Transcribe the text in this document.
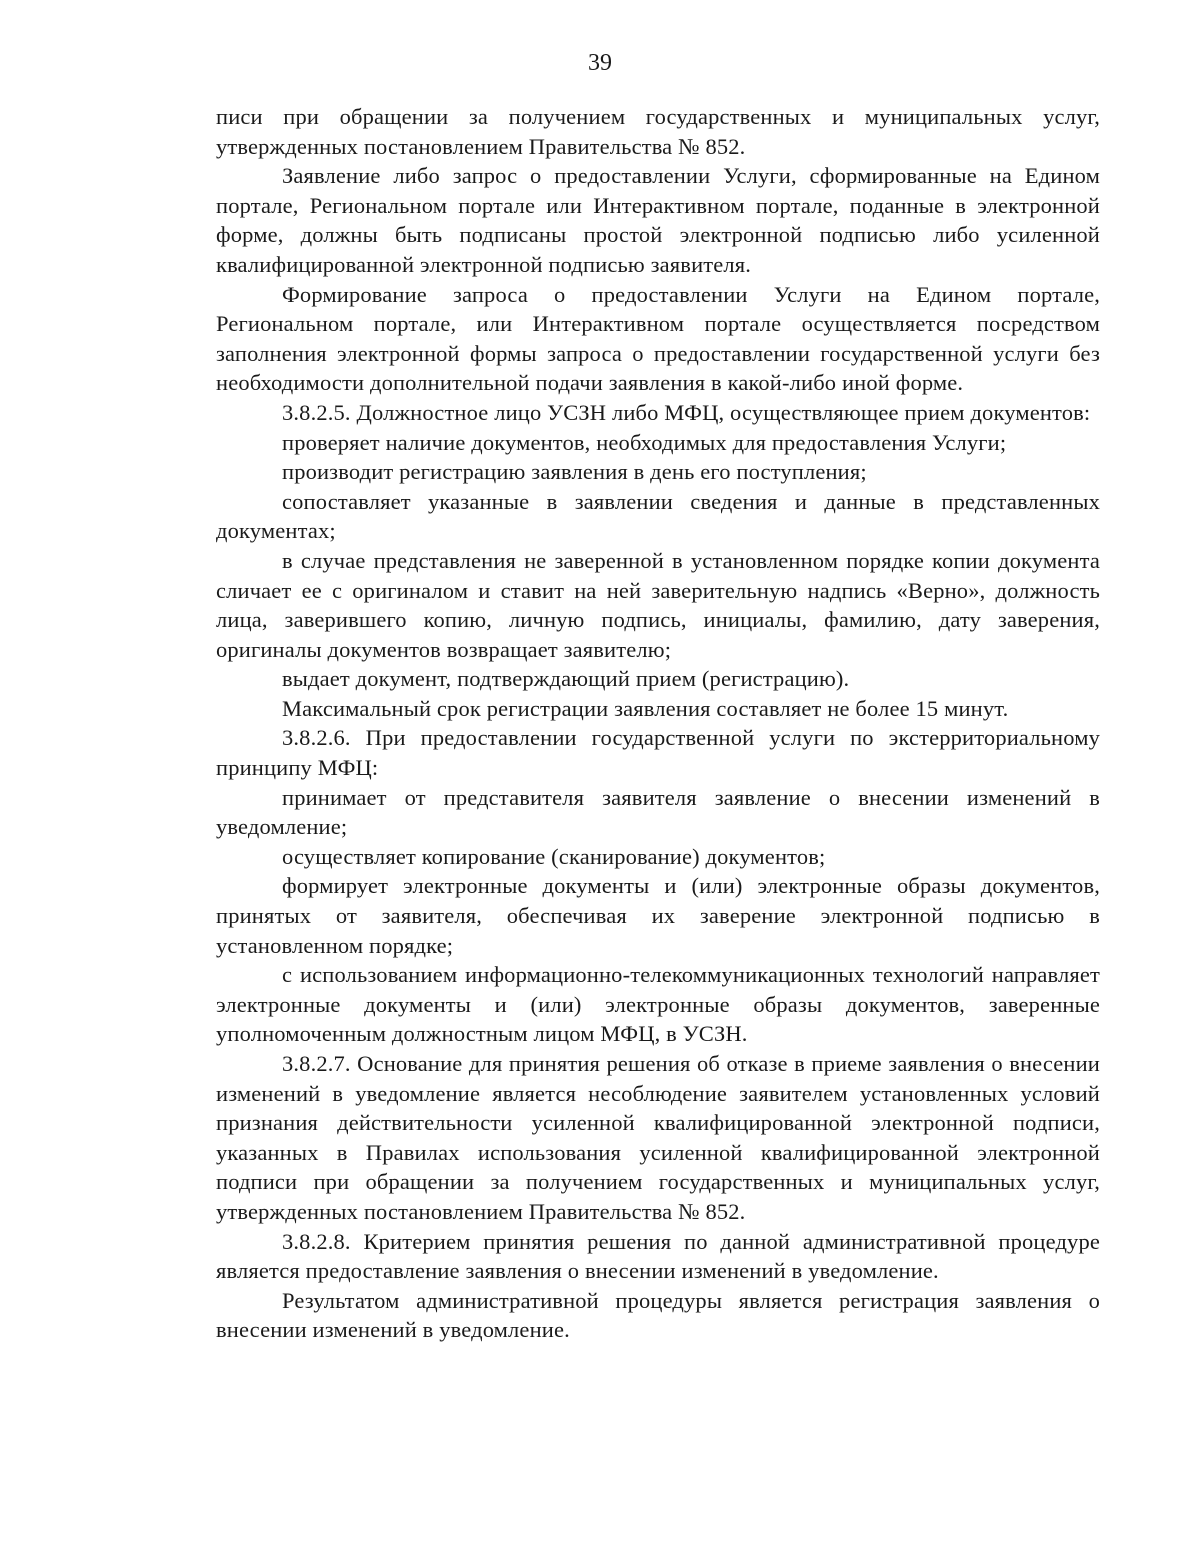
39

писи при обращении за получением государственных и муниципальных услуг, утвержденных постановлением Правительства № 852.

Заявление либо запрос о предоставлении Услуги, сформированные на Едином портале, Региональном портале или Интерактивном портале, поданные в электронной форме, должны быть подписаны простой электронной подписью либо усиленной квалифицированной электронной подписью заявителя.

Формирование запроса о предоставлении Услуги на Едином портале, Региональном портале, или Интерактивном портале осуществляется посредством заполнения электронной формы запроса о предоставлении государственной услуги без необходимости дополнительной подачи заявления в какой-либо иной форме.

3.8.2.5. Должностное лицо УСЗН либо МФЦ, осуществляющее прием документов:

проверяет наличие документов, необходимых для предоставления Услуги;

производит регистрацию заявления в день его поступления;

сопоставляет указанные в заявлении сведения и данные в представленных документах;

в случае представления не заверенной в установленном порядке копии документа сличает ее с оригиналом и ставит на ней заверительную надпись «Верно», должность лица, заверившего копию, личную подпись, инициалы, фамилию, дату заверения, оригиналы документов возвращает заявителю;

выдает документ, подтверждающий прием (регистрацию).

Максимальный срок регистрации заявления составляет не более 15 минут.

3.8.2.6. При предоставлении государственной услуги по экстерриториальному принципу МФЦ:

принимает от представителя заявителя заявление о внесении изменений в уведомление;

осуществляет копирование (сканирование) документов;

формирует электронные документы и (или) электронные образы документов, принятых от заявителя, обеспечивая их заверение электронной подписью в установленном порядке;

с использованием информационно-телекоммуникационных технологий направляет электронные документы и (или) электронные образы документов, заверенные уполномоченным должностным лицом МФЦ, в УСЗН.

3.8.2.7. Основание для принятия решения об отказе в приеме заявления о внесении изменений в уведомление является несоблюдение заявителем установленных условий признания действительности усиленной квалифицированной электронной подписи, указанных в Правилах использования усиленной квалифицированной электронной подписи при обращении за получением государственных и муниципальных услуг, утвержденных постановлением Правительства № 852.

3.8.2.8. Критерием принятия решения по данной административной процедуре является предоставление заявления о внесении изменений в уведомление.

Результатом административной процедуры является регистрация заявления о внесении изменений в уведомление.
